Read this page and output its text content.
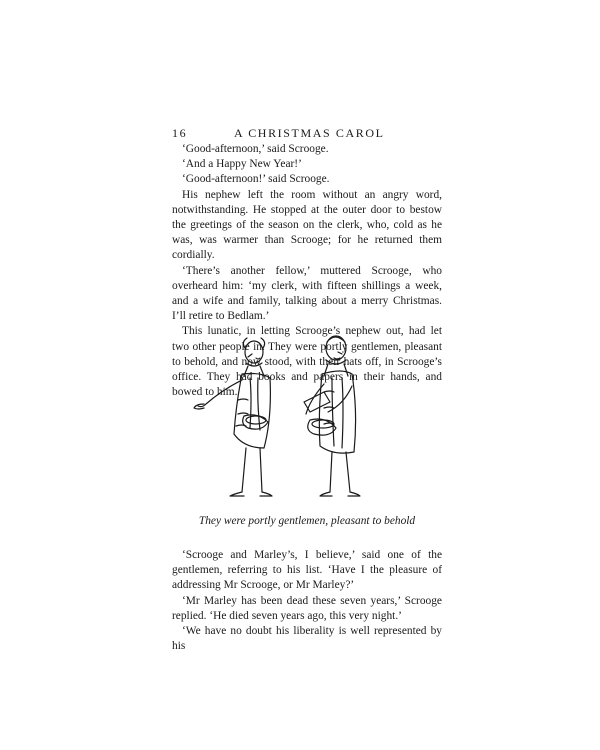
16	A CHRISTMAS CAROL

‘Good-afternoon,’ said Scrooge.

‘And a Happy New Year!’

‘Good-afternoon!’ said Scrooge.

His nephew left the room without an angry word, notwithstanding. He stopped at the outer door to bestow the greetings of the season on the clerk, who, cold as he was, was warmer than Scrooge; for he returned them cordially.

‘There’s another fellow,’ muttered Scrooge, who overheard him: ‘my clerk, with fifteen shillings a week, and a wife and family, talking about a merry Christmas. I’ll retire to Bedlam.’

This lunatic, in letting Scrooge’s nephew out, had let two other people in. They were portly gentlemen, pleasant to behold, and now stood, with their hats off, in Scrooge’s office. They had books and papers in their hands, and bowed to him.

They were portly gentlemen, pleasant to behold

‘Scrooge and Marley’s, I believe,’ said one of the gentlemen, referring to his list. ‘Have I the pleasure of addressing Mr Scrooge, or Mr Marley?’

‘Mr Marley has been dead these seven years,’ Scrooge replied. ‘He died seven years ago, this very night.’

‘We have no doubt his liberality is well represented by his
